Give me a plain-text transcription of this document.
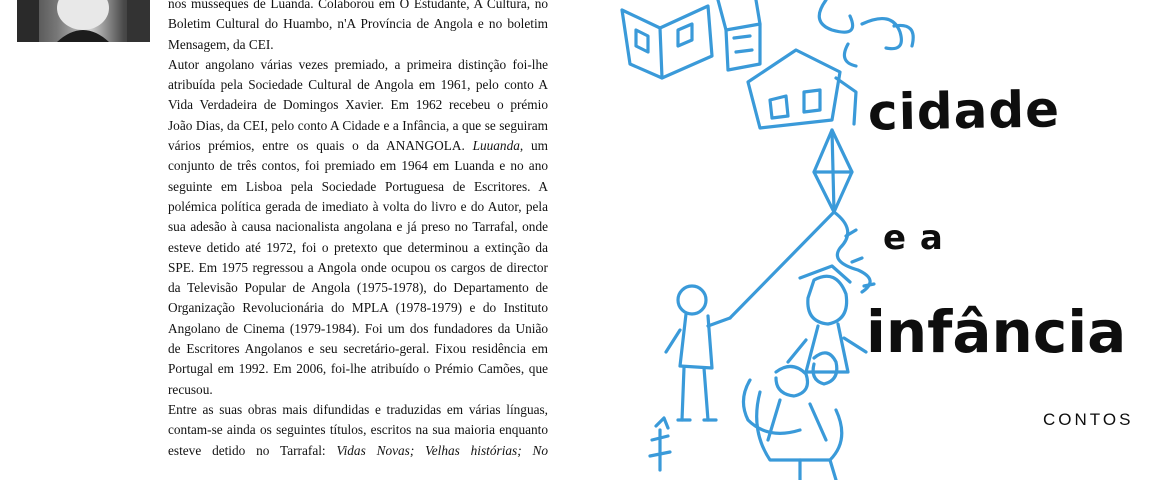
nos musseques de Luanda. Colaborou em O Estudante, A Cultura, no

Boletim Cultural do Huambo, n'A Província de Angola e no boletim

Mensagem, da CEI.

Autor angolano várias vezes premiado, a primeira distinção foi-lhe

atribuída pela Sociedade Cultural de Angola em 1961, pelo conto A

Vida Verdadeira de Domingos Xavier. Em 1962 recebeu o prémio

João Dias, da CEI, pelo conto A Cidade e a Infância, a que se seguiram

vários prémios, entre os quais o da ANANGOLA. Luuanda, um

conjunto de três contos, foi premiado em 1964 em Luanda e no ano

seguinte em Lisboa pela Sociedade Portuguesa de Escritores. A

polémica política gerada de imediato à volta do livro e do Autor, pela

sua adesão à causa nacionalista angolana e já preso no Tarrafal, onde

esteve detido até 1972, foi o pretexto que determinou a extinção da

SPE. Em 1975 regressou a Angola onde ocupou os cargos de director

da Televisão Popular de Angola (1975-1978), do Departamento de

Organização Revolucionária do MPLA (1978-1979) e do Instituto

Angolano de Cinema (1979-1984). Foi um dos fundadores da União

de Escritores Angolanos e seu secretário-geral. Fixou residência em

Portugal em 1992. Em 2006, foi-lhe atribuído o Prémio Camões, que

recusou.

Entre as suas obras mais difundidas e traduzidas em várias línguas,

contam-se ainda os seguintes títulos, escritos na sua maioria enquanto

esteve detido no Tarrafal: Vidas Novas; Velhas histórias; No

cidade
e a
infância
CONTOS
